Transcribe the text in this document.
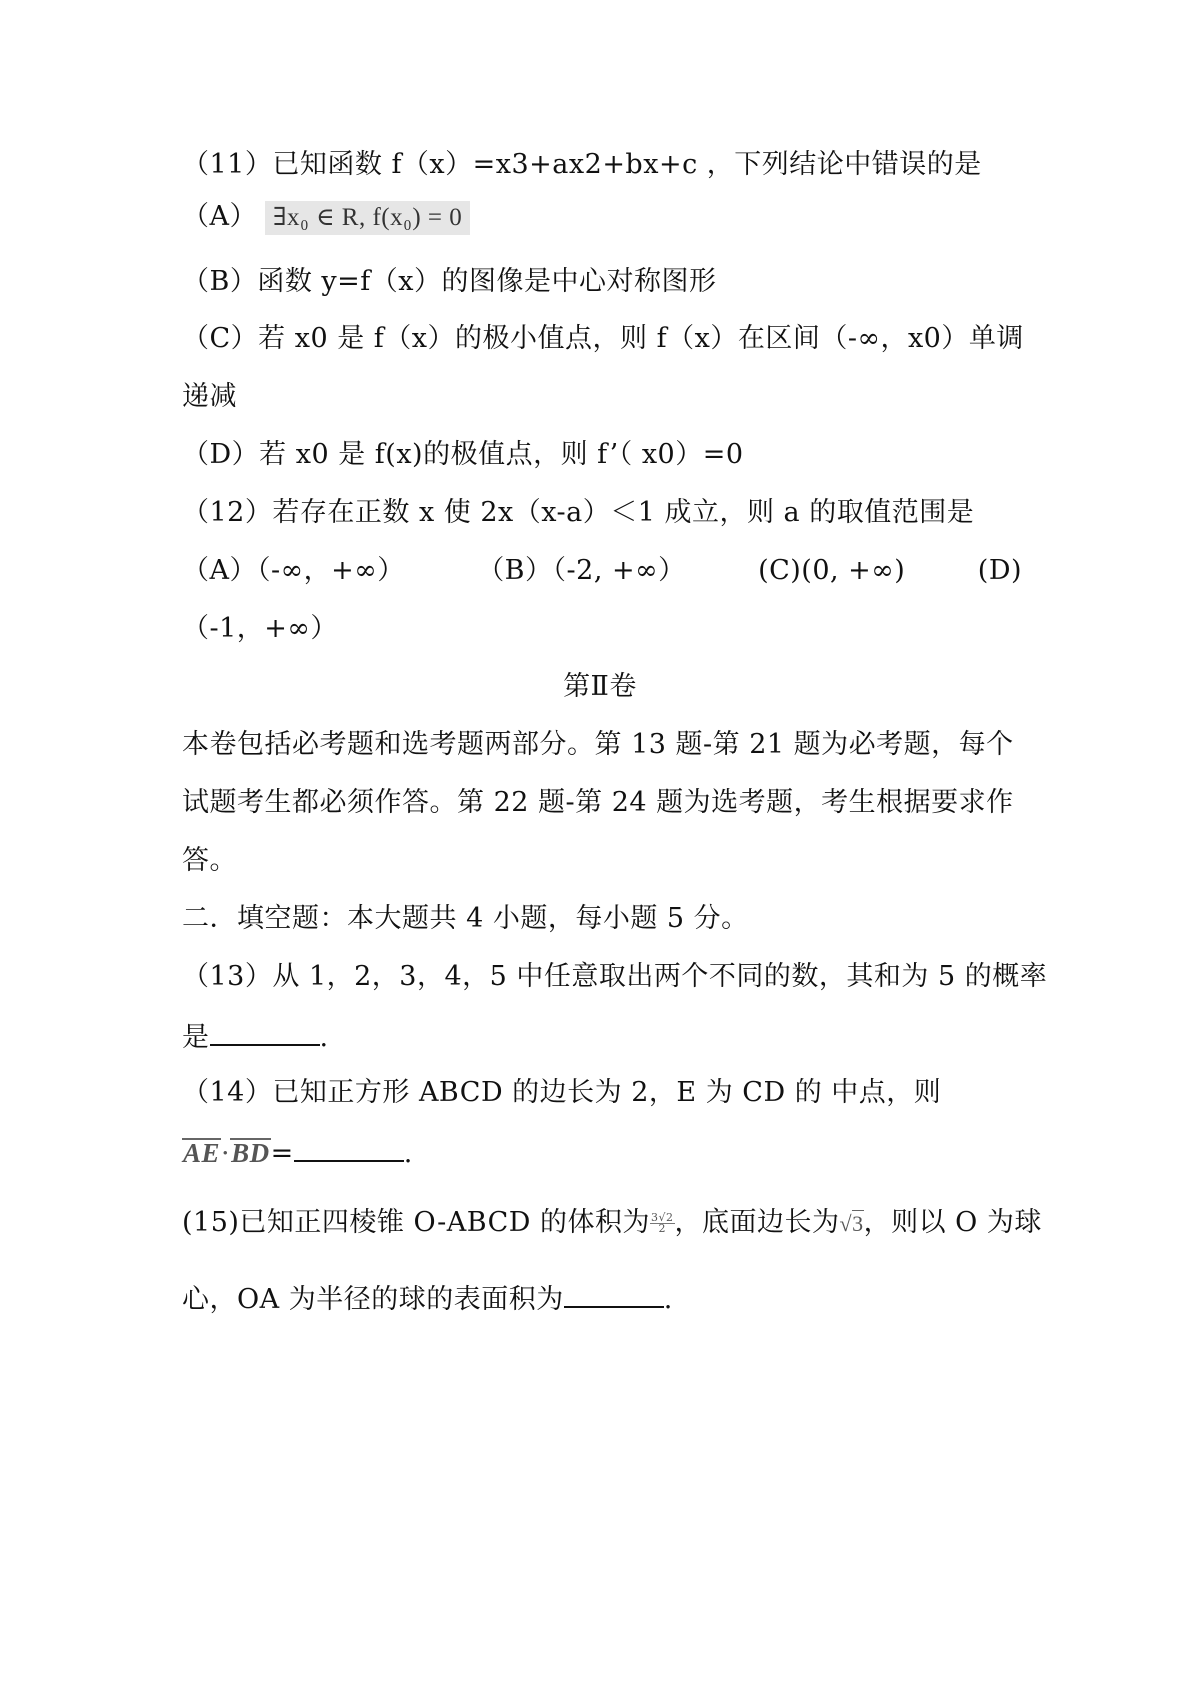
（11）已知函数 f（x）=x3+ax2+bx+c ，下列结论中错误的是
（A） ∃x₀ ∈ R, f(x₀) = 0
（B）函数 y=f（x）的图像是中心对称图形
（C）若 x0 是 f（x）的极小值点，则 f（x）在区间（-∞，x0）单调
递减
（D）若 x0 是 f(x)的极值点，则 f’（ x0）=0
（12）若存在正数 x 使 2x（x-a）＜1 成立，则 a 的取值范围是
（A）（-∞，+∞）	（B）（-2, +∞）	(C)(0, +∞)	(D)
（-1，+∞）
第Ⅱ卷
本卷包括必考题和选考题两部分。第 13 题-第 21 题为必考题，每个
试题考生都必须作答。第 22 题-第 24 题为选考题，考生根据要求作
答。
二．填空题：本大题共 4 小题，每小题 5 分。
（13）从 1，2，3，4，5 中任意取出两个不同的数，其和为 5 的概率
是	.
（14）已知正方形 ABCD 的边长为 2，E 为 CD 的 中点，则
AE·BD=	.
(15)已知正四棱锥 O-ABCD 的体积为 $\frac{3√2}{2}$ ，底面边长为√3，则以 O 为球
心，OA 为半径的球的表面积为	.
